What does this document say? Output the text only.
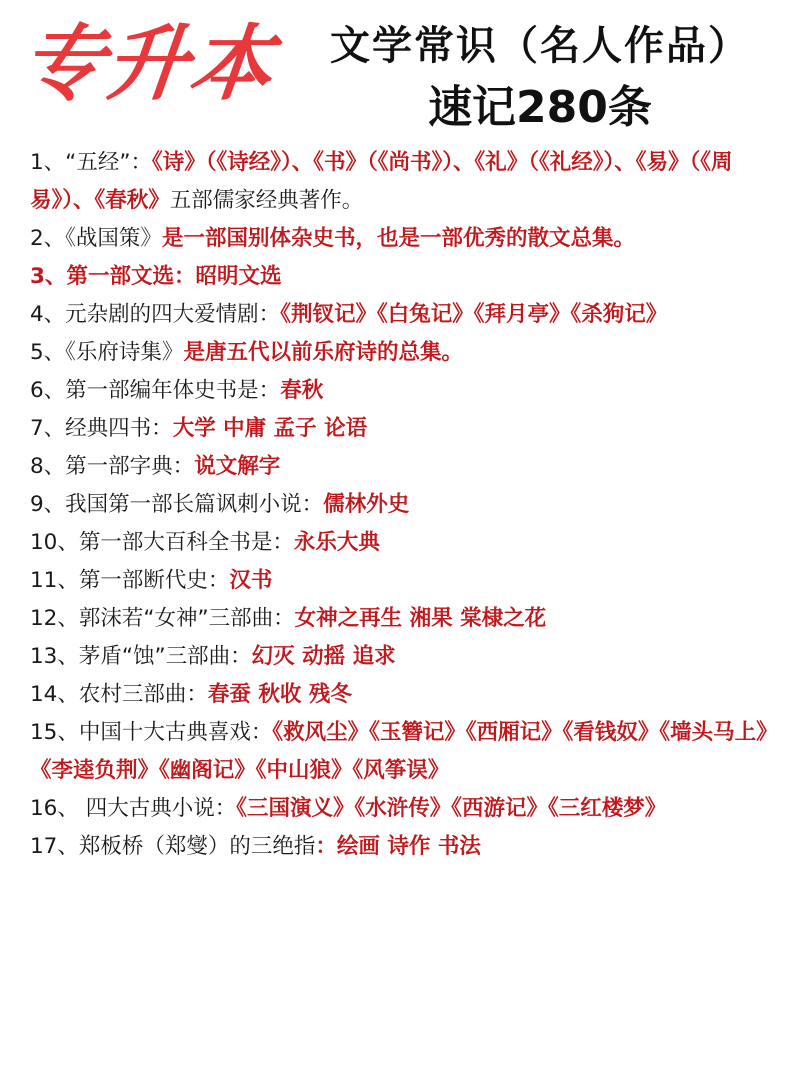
专升本	文学常识（名人作品）
速记280条

1、“五经”：《诗》（《诗经》）、《书》（《尚书》）、《礼》（《礼经》）、《易》（《周易》）、《春秋》五部儒家经典著作。

2、《战国策》是一部国别体杂史书，也是一部优秀的散文总集。

3、第一部文选：昭明文选

4、元杂剧的四大爱情剧：《荆钗记》《白兔记》《拜月亭》《杀狗记》

5、《乐府诗集》是唐五代以前乐府诗的总集。

6、第一部编年体史书是：春秋

7、经典四书：大学 中庸 孟子 论语

8、第一部字典：说文解字

9、我国第一部长篇讽刺小说：儒林外史

10、第一部大百科全书是：永乐大典

11、第一部断代史：汉书

12、郭沫若“女神”三部曲：女神之再生 湘果 棠棣之花

13、茅盾“蚀”三部曲：幻灭 动摇 追求

14、农村三部曲：春蚕 秋收 残冬

15、中国十大古典喜戏：《救风尘》《玉簪记》《西厢记》《看钱奴》《墙头马上》《李逵负荆》《幽阁记》《中山狼》《风筝误》

16、 四大古典小说：《三国演义》《水浒传》《西游记》《三红楼梦》

17、郑板桥（郑燮）的三绝指：绘画 诗作 书法
